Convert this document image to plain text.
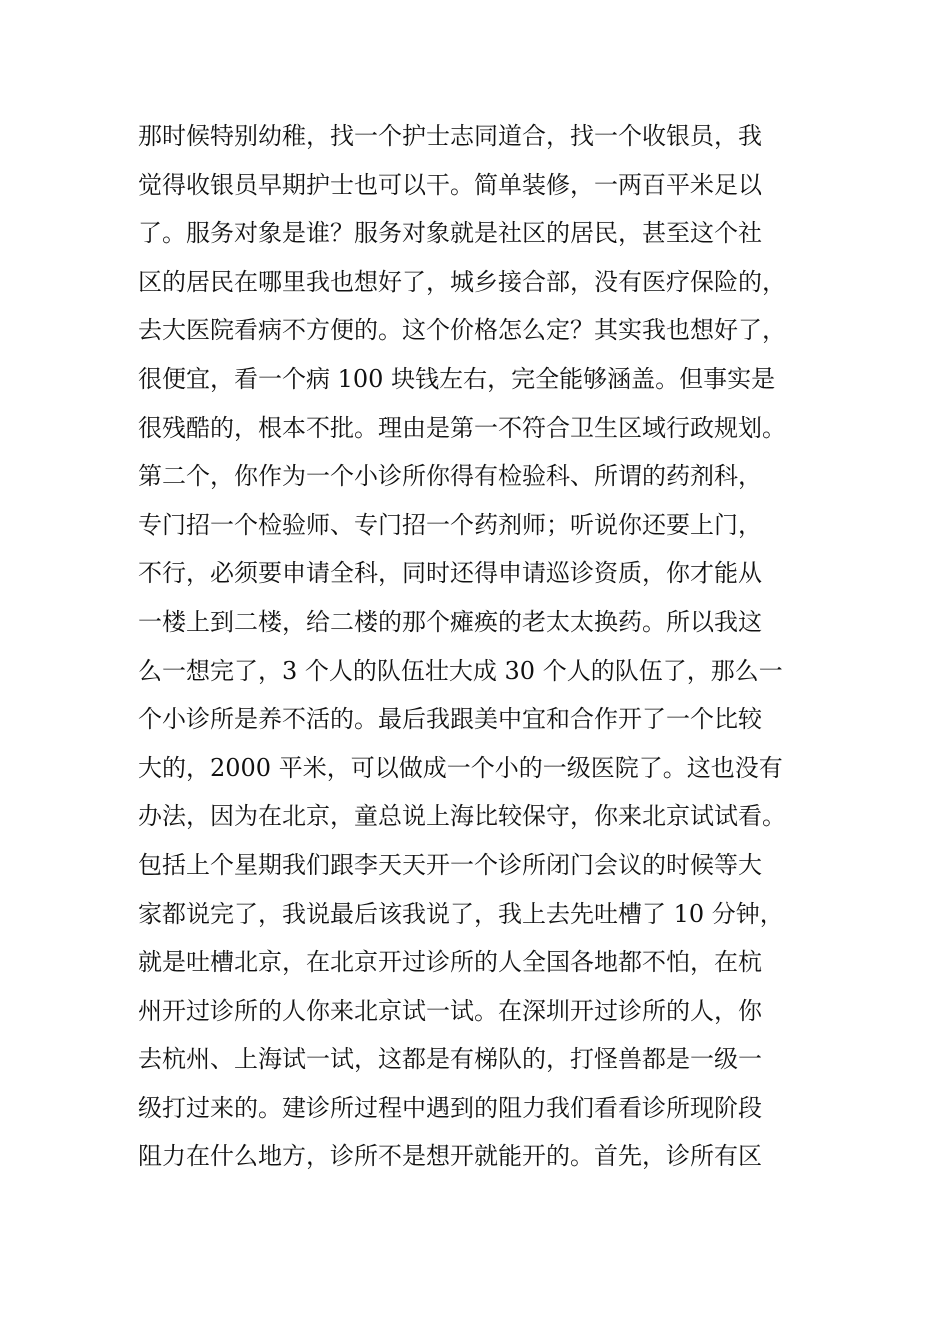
那时候特别幼稚，找一个护士志同道合，找一个收银员，我
觉得收银员早期护士也可以干。简单装修，一两百平米足以
了。服务对象是谁？服务对象就是社区的居民，甚至这个社
区的居民在哪里我也想好了，城乡接合部，没有医疗保险的，
去大医院看病不方便的。这个价格怎么定？其实我也想好了，
很便宜，看一个病 100 块钱左右，完全能够涵盖。但事实是
很残酷的，根本不批。理由是第一不符合卫生区域行政规划。
第二个，你作为一个小诊所你得有检验科、所谓的药剂科，
专门招一个检验师、专门招一个药剂师；听说你还要上门，
不行，必须要申请全科，同时还得申请巡诊资质，你才能从
一楼上到二楼，给二楼的那个瘫痪的老太太换药。所以我这
么一想完了，3 个人的队伍壮大成 30 个人的队伍了，那么一
个小诊所是养不活的。最后我跟美中宜和合作开了一个比较
大的，2000 平米，可以做成一个小的一级医院了。这也没有
办法，因为在北京，童总说上海比较保守，你来北京试试看。
包括上个星期我们跟李天天开一个诊所闭门会议的时候等大
家都说完了，我说最后该我说了，我上去先吐槽了 10 分钟，
就是吐槽北京，在北京开过诊所的人全国各地都不怕，在杭
州开过诊所的人你来北京试一试。在深圳开过诊所的人，你
去杭州、上海试一试，这都是有梯队的，打怪兽都是一级一
级打过来的。建诊所过程中遇到的阻力我们看看诊所现阶段
阻力在什么地方，诊所不是想开就能开的。首先，诊所有区
